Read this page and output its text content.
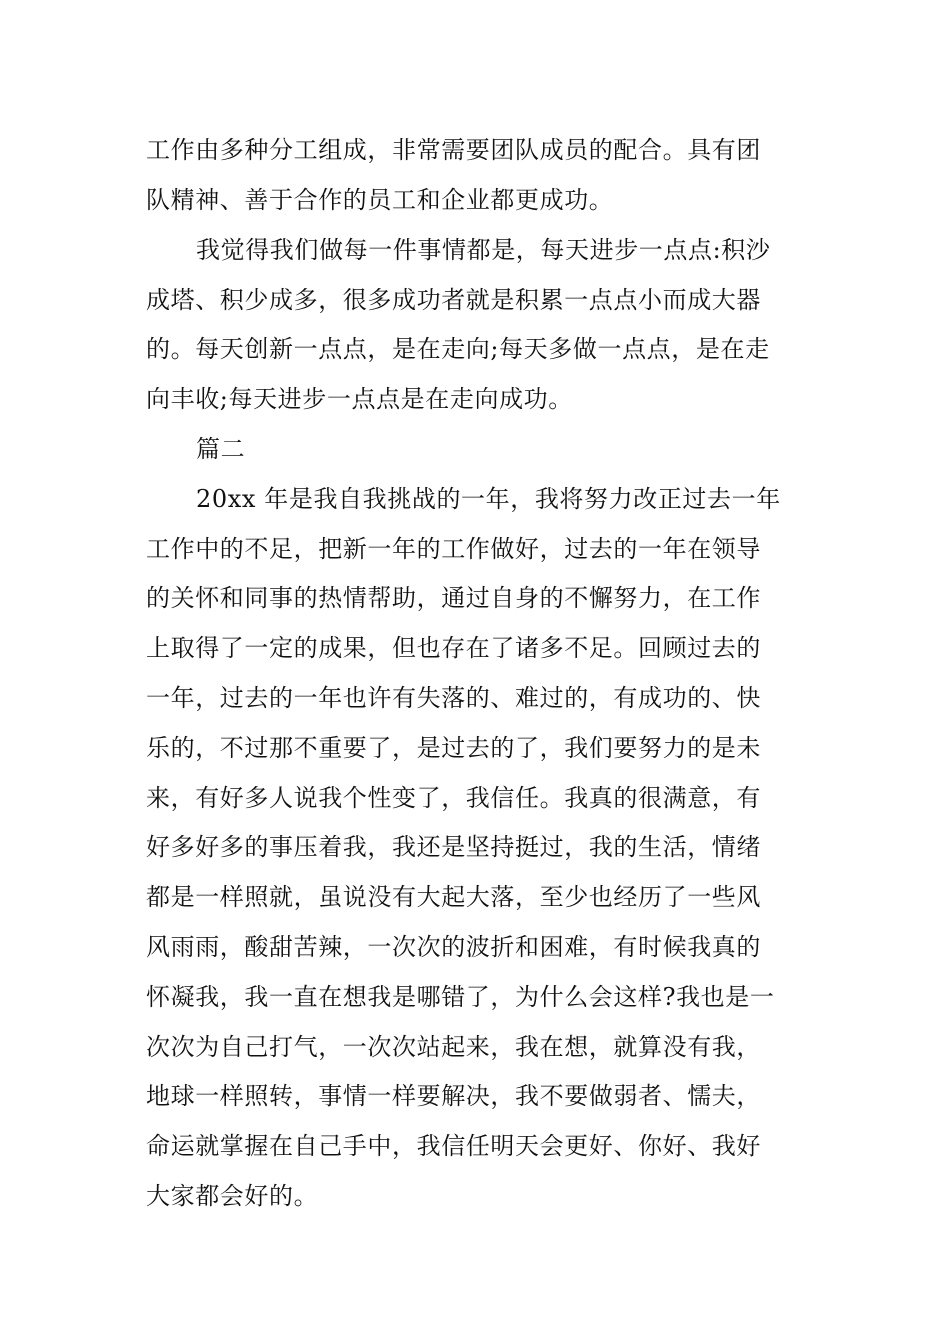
工作由多种分工组成，非常需要团队成员的配合。具有团
队精神、善于合作的员工和企业都更成功。
我觉得我们做每一件事情都是，每天进步一点点:积沙
成塔、积少成多，很多成功者就是积累一点点小而成大器
的。每天创新一点点，是在走向;每天多做一点点，是在走
向丰收;每天进步一点点是在走向成功。
篇二
20xx 年是我自我挑战的一年，我将努力改正过去一年
工作中的不足，把新一年的工作做好，过去的一年在领导
的关怀和同事的热情帮助，通过自身的不懈努力，在工作
上取得了一定的成果，但也存在了诸多不足。回顾过去的
一年，过去的一年也许有失落的、难过的，有成功的、快
乐的，不过那不重要了，是过去的了，我们要努力的是未
来，有好多人说我个性变了，我信任。我真的很满意，有
好多好多的事压着我，我还是坚持挺过，我的生活，情绪
都是一样照就，虽说没有大起大落，至少也经历了一些风
风雨雨，酸甜苦辣，一次次的波折和困难，有时候我真的
怀凝我，我一直在想我是哪错了，为什么会这样?我也是一
次次为自己打气，一次次站起来，我在想，就算没有我，
地球一样照转，事情一样要解决，我不要做弱者、懦夫，
命运就掌握在自己手中，我信任明天会更好、你好、我好
大家都会好的。
